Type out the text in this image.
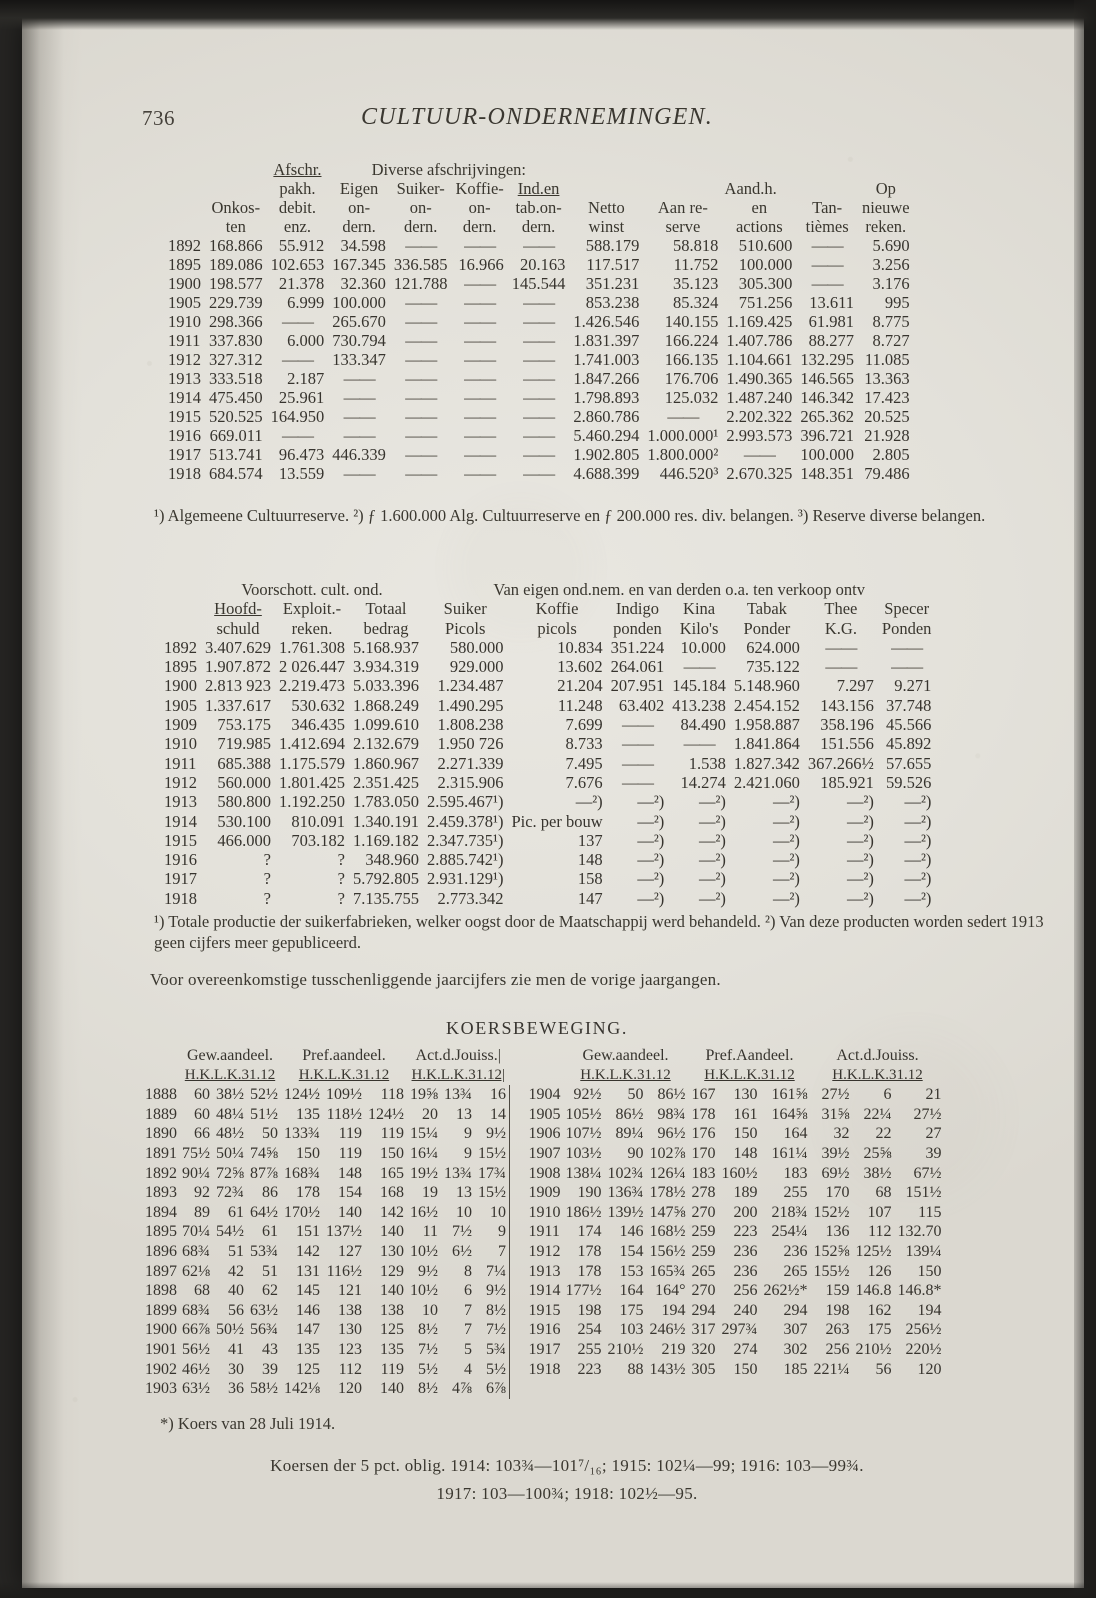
736	CULTUUR-ONDERNEMINGEN.
		Afschr.	Diverse afschrijvingen:								
		pakh.	Eigen	Suiker-	Koffie-	Ind.en		Aand.h.			Op
	Onkos-	debit.	on-	on-	on-	tab.on-	Netto	Aan re-	en	Tan-	nieuwe
	ten	enz.	dern.	dern.	dern.	dern.	winst	serve	actions	tièmes	reken.
1892	168.866	55.912	34.598	——	——	——	588.179	58.818	510.600	——	5.690
1895	189.086	102.653	167.345	336.585	16.966	20.163	117.517	11.752	100.000	——	3.256
1900	198.577	21.378	32.360	121.788	——	145.544	351.231	35.123	305.300	——	3.176
1905	229.739	6.999	100.000	——	——	——	853.238	85.324	751.256	13.611	995
1910	298.366	——	265.670	——	——	——	1.426.546	140.155	1.169.425	61.981	8.775
1911	337.830	6.000	730.794	——	——	——	1.831.397	166.224	1.407.786	88.277	8.727
1912	327.312	——	133.347	——	——	——	1.741.003	166.135	1.104.661	132.295	11.085
1913	333.518	2.187	——	——	——	——	1.847.266	176.706	1.490.365	146.565	13.363
1914	475.450	25.961	——	——	——	——	1.798.893	125.032	1.487.240	146.342	17.423
1915	520.525	164.950	——	——	——	——	2.860.786	——	2.202.322	265.362	20.525
1916	669.011	——	——	——	——	——	5.460.294	1.000.000¹	2.993.573	396.721	21.928
1917	513.741	96.473	446.339	——	——	——	1.902.805	1.800.000²	——	100.000	2.805
1918	684.574	13.559	——	——	——	——	4.688.399	446.520³	2.670.325	148.351	79.486
¹) Algemeene Cultuurreserve. ²) ƒ 1.600.000 Alg. Cultuurreserve en ƒ 200.000 res. div. belangen. ³) Reserve diverse belangen.
	Voorschott. cult. ond.			Van eigen ond.nem. en van derden o.a. ten verkoop ontv						
	Hoofd-	Exploit.-	Totaal	Suiker	Koffie	Indigo	Kina	Tabak	Thee	Specer
	schuld	reken.	bedrag	Picols	picols	ponden	Kilo's	Ponder	K.G.	Ponden
1892	3.407.629	1.761.308	5.168.937	580.000	10.834	351.224	10.000	624.000	——	——
1895	1.907.872	2 026.447	3.934.319	929.000	13.602	264.061	——	735.122	——	——
1900	2.813 923	2.219.473	5.033.396	1.234.487	21.204	207.951	145.184	5.148.960	7.297	9.271
1905	1.337.617	530.632	1.868.249	1.490.295	11.248	63.402	413.238	2.454.152	143.156	37.748
1909	753.175	346.435	1.099.610	1.808.238	7.699	——	84.490	1.958.887	358.196	45.566
1910	719.985	1.412.694	2.132.679	1.950 726	8.733	——	——	1.841.864	151.556	45.892
1911	685.388	1.175.579	1.860.967	2.271.339	7.495	——	1.538	1.827.342	367.266½	57.655
1912	560.000	1.801.425	2.351.425	2.315.906	7.676	——	14.274	2.421.060	185.921	59.526
1913	580.800	1.192.250	1.783.050	2.595.467¹)	—²)	—²)	—²)	—²)	—²)	—²)
1914	530.100	810.091	1.340.191	2.459.378¹)	Pic. per bouw	—²)	—²)	—²)	—²)	—²)
1915	466.000	703.182	1.169.182	2.347.735¹)	137	—²)	—²)	—²)	—²)	—²)
1916	?	?	348.960	2.885.742¹)	148	—²)	—²)	—²)	—²)	—²)
1917	?	?	5.792.805	2.931.129¹)	158	—²)	—²)	—²)	—²)	—²)
1918	?	?	7.135.755	2.773.342	147	—²)	—²)	—²)	—²)	—²)
¹) Totale productie der suikerfabrieken, welker oogst door de Maatschappij werd behandeld. ²) Van deze producten worden sedert 1913 geen cijfers meer gepubliceerd.
Voor overeenkomstige tusschenliggende jaarcijfers zie men de vorige jaargangen.
KOERSBEWEGING.
	Gew.aandeel.			Pref.aandeel.			Act.d.Jouiss.|					Gew.aandeel.			Pref.Aandeel.			Act.d.Jouiss.		
	H.K.L.K.31.12			H.K.L.K.31.12			H.K.L.K.31.12|					H.K.L.K.31.12			H.K.L.K.31.12			H.K.L.K.31.12		
1888	60	38½	52½	124½	109½	118	19⅝	13¾	16		1904	92½	50	86½	167	130	161⅝	27½	6	21
1889	60	48¼	51½	135	118½	124½	20	13	14		1905	105½	86½	98¾	178	161	164⅝	31⅝	22¼	27½
1890	66	48½	50	133¾	119	119	15¼	9	9½		1906	107½	89¼	96½	176	150	164	32	22	27
1891	75½	50¼	74⅝	150	119	150	16¼	9	15½		1907	103½	90	102⅞	170	148	161¼	39½	25⅝	39
1892	90¼	72⅝	87⅞	168¾	148	165	19½	13¾	17¾		1908	138¼	102¾	126¼	183	160½	183	69½	38½	67½
1893	92	72¾	86	178	154	168	19	13	15½		1909	190	136¾	178½	278	189	255	170	68	151½
1894	89	61	64½	170½	140	142	16½	10	10		1910	186½	139½	147⅝	270	200	218¾	152½	107	115
1895	70¼	54½	61	151	137½	140	11	7½	9		1911	174	146	168½	259	223	254¼	136	112	132.70
1896	68¾	51	53¾	142	127	130	10½	6½	7		1912	178	154	156½	259	236	236	152⅝	125½	139¼
1897	62⅛	42	51	131	116½	129	9½	8	7¼		1913	178	153	165¾	265	236	265	155½	126	150
1898	68	40	62	145	121	140	10½	6	9½		1914	177½	164	164°	270	256	262½*	159	146.8	146.8*
1899	68¾	56	63½	146	138	138	10	7	8½		1915	198	175	194	294	240	294	198	162	194
1900	66⅞	50½	56¾	147	130	125	8½	7	7½		1916	254	103	246½	317	297¾	307	263	175	256½
1901	56½	41	43	135	123	135	7½	5	5¾		1917	255	210½	219	320	274	302	256	210½	220½
1902	46½	30	39	125	112	119	5½	4	5½		1918	223	88	143½	305	150	185	221¼	56	120
1903	63½	36	58½	142⅛	120	140	8½	4⅞	6⅞											
*) Koers van 28 Juli 1914.
Koersen der 5 pct. oblig. 1914: 103¾—101⁷/₁₆; 1915: 102¼—99; 1916: 103—99¾.
1917: 103—100¾; 1918: 102½—95.
